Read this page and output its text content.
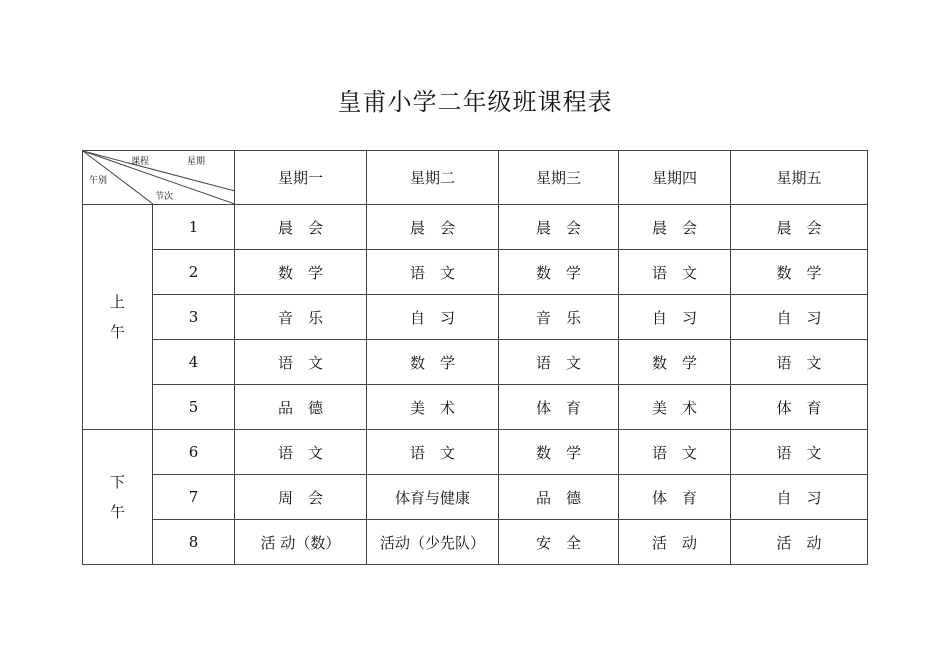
皇甫小学二年级班课程表
课程 星期
午别
节次		星期一	星期二	星期三	星期四	星期五

上
午	1	晨　会	晨　会	晨　会	晨　会	晨　会
	2	数　学	语　文	数　学	语　文	数　学
	3	音　乐	自　习	音　乐	自　习	自　习
	4	语　文	数　学	语　文	数　学	语　文
	5	品　德	美　术	体　育	美　术	体　育

下
午	6	语　文	语　文	数　学	语　文	语　文
	7	周　会	体育与健康	品　德	体　育	自　习
	8	活 动（数）	活动（少先队）	安　全	活　动	活　动
